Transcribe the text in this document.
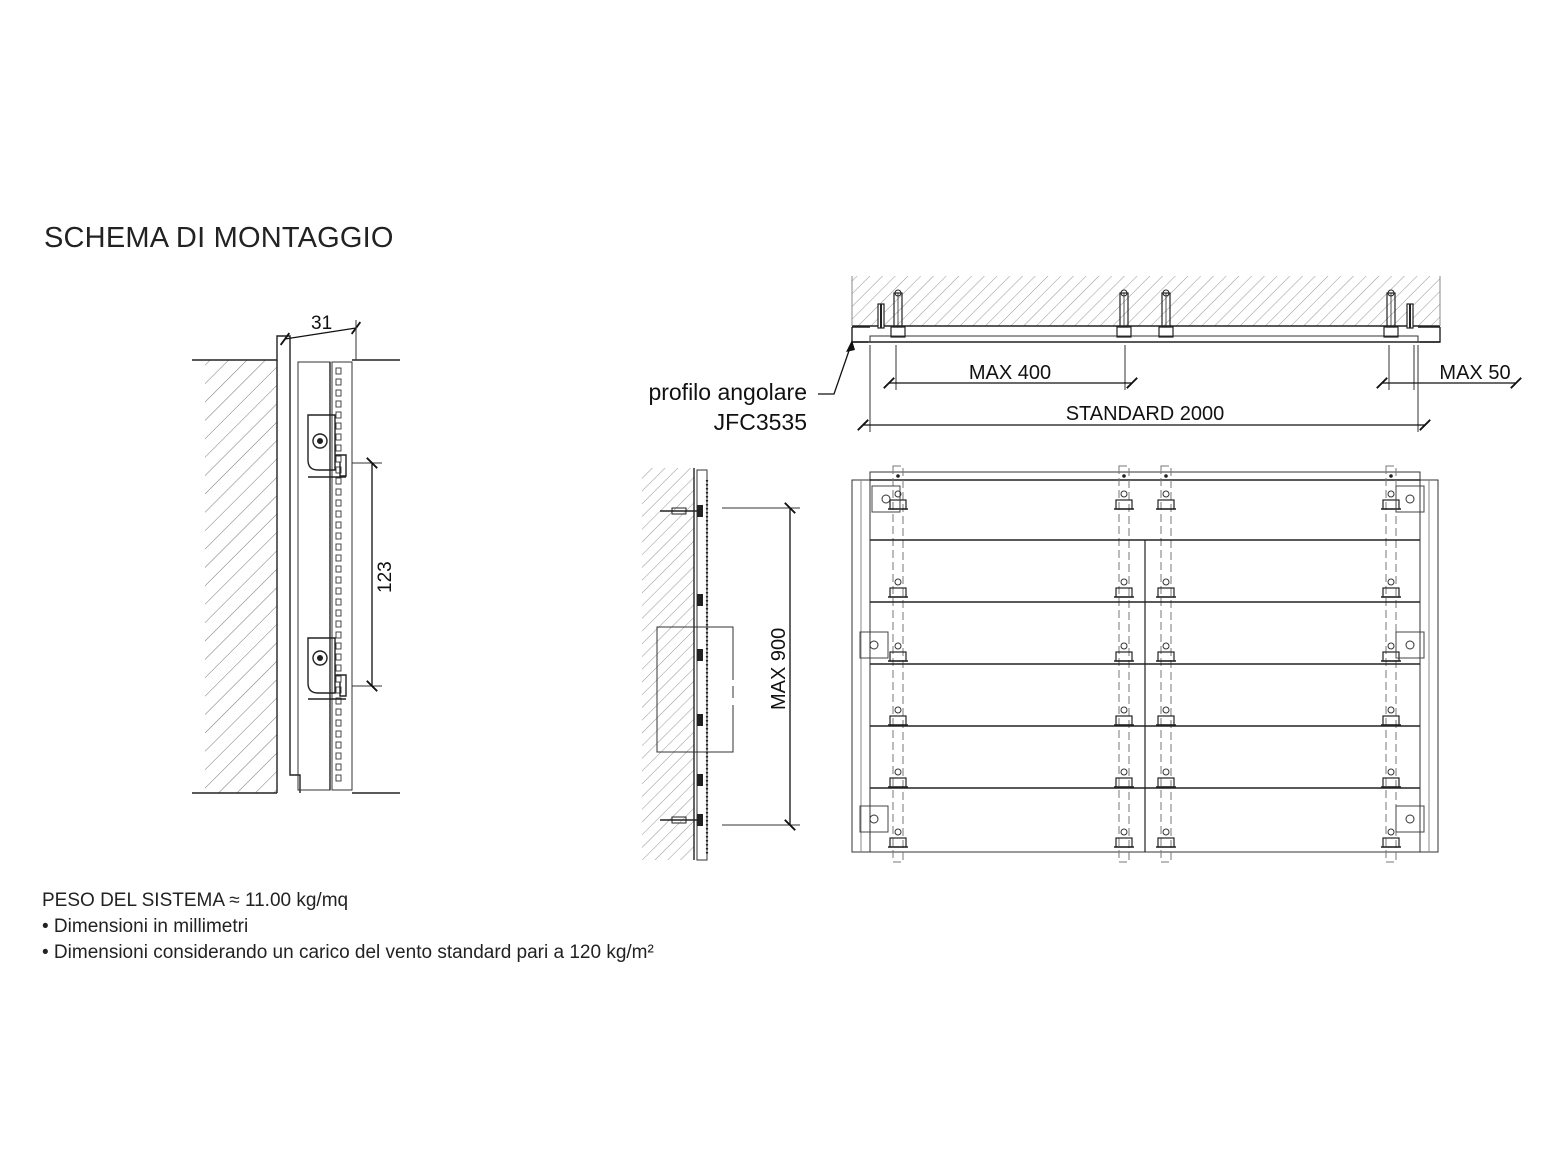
SCHEMA DI MONTAGGIO
31
123
profilo angolare
JFC3535
MAX 400	MAX 50
STANDARD 2000
MAX 900
PESO DEL SISTEMA ≈ 11.00 kg/mq
• Dimensioni in millimetri
• Dimensioni considerando un carico del vento standard pari a 120 kg/m²
